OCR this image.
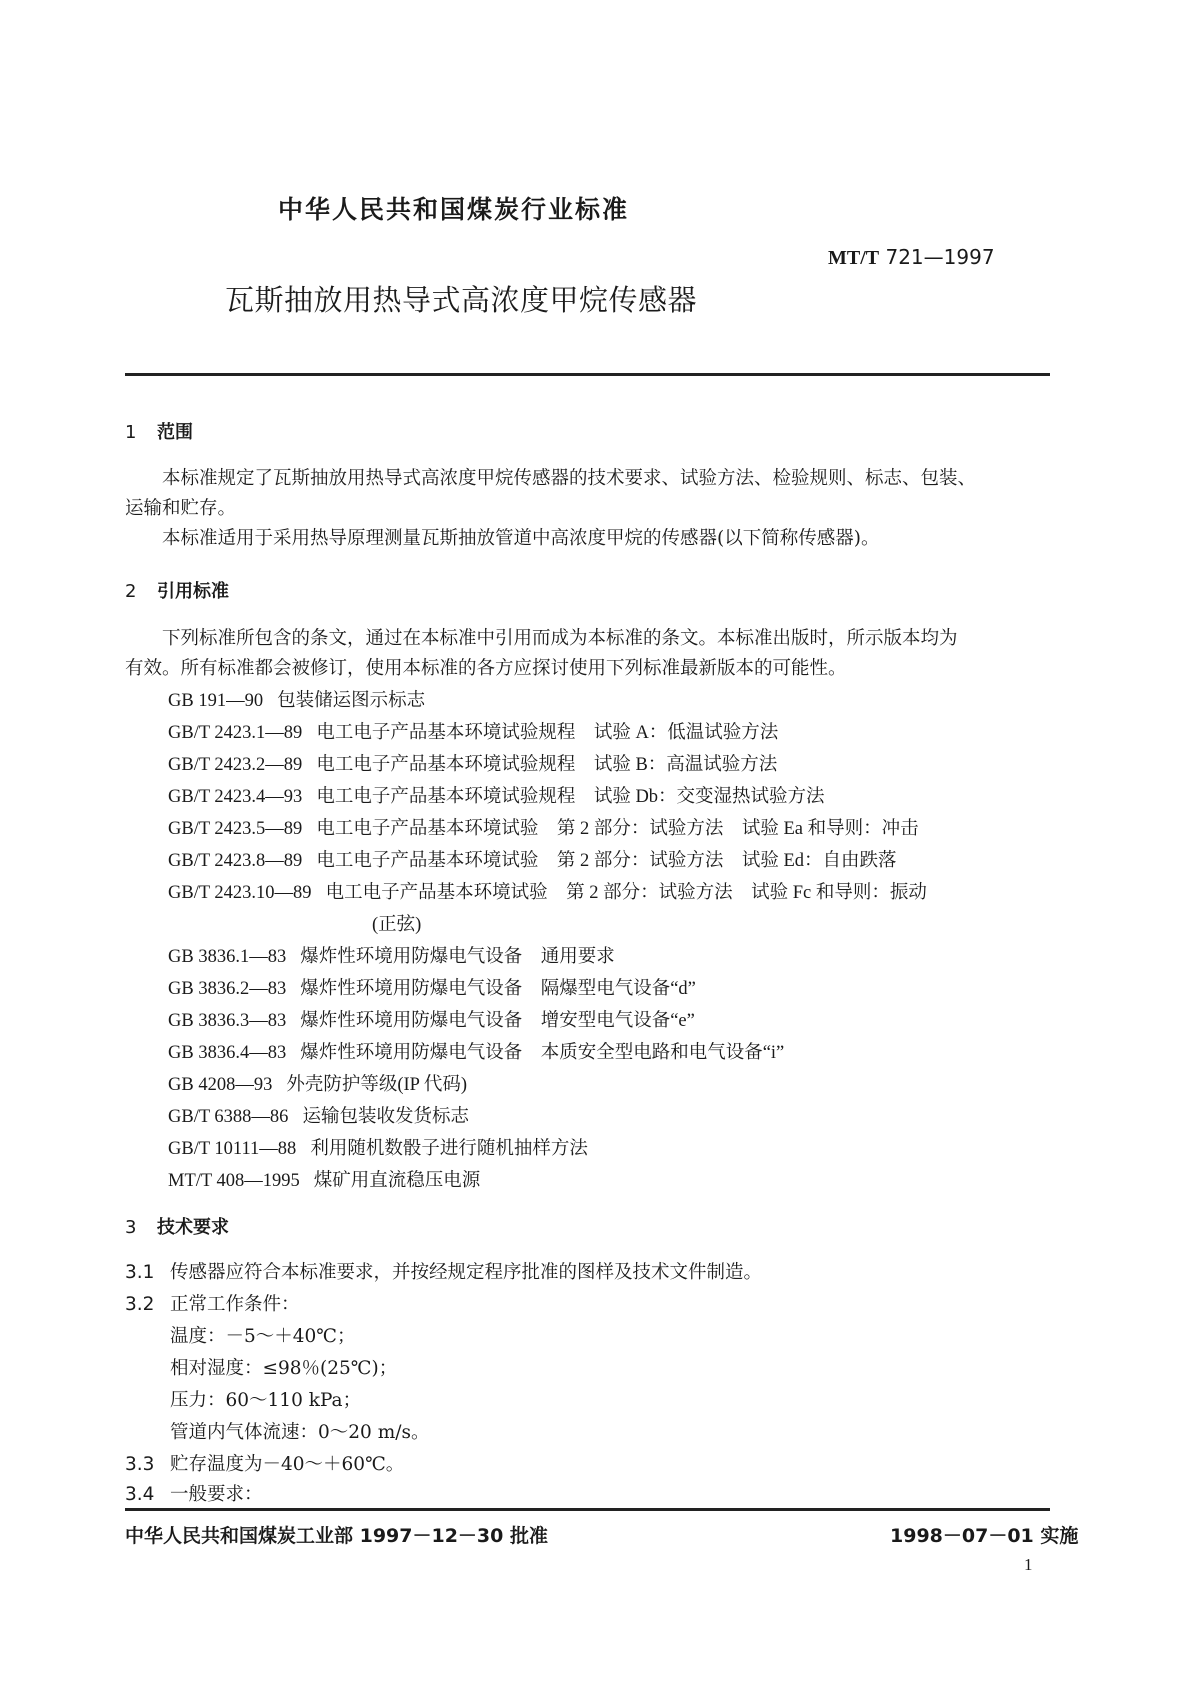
中华人民共和国煤炭行业标准
MT/T 721—1997
瓦斯抽放用热导式高浓度甲烷传感器
1 范围
本标准规定了瓦斯抽放用热导式高浓度甲烷传感器的技术要求、试验方法、检验规则、标志、包装、
运输和贮存。
本标准适用于采用热导原理测量瓦斯抽放管道中高浓度甲烷的传感器(以下简称传感器)。
2 引用标准
下列标准所包含的条文，通过在本标准中引用而成为本标准的条文。本标准出版时，所示版本均为
有效。所有标准都会被修订，使用本标准的各方应探讨使用下列标准最新版本的可能性。
GB 191—90 包装储运图示标志
GB/T 2423.1—89 电工电子产品基本环境试验规程　试验 A：低温试验方法
GB/T 2423.2—89 电工电子产品基本环境试验规程　试验 B：高温试验方法
GB/T 2423.4—93 电工电子产品基本环境试验规程　试验 Db：交变湿热试验方法
GB/T 2423.5—89 电工电子产品基本环境试验　第 2 部分：试验方法　试验 Ea 和导则：冲击
GB/T 2423.8—89 电工电子产品基本环境试验　第 2 部分：试验方法　试验 Ed：自由跌落
GB/T 2423.10—89 电工电子产品基本环境试验　第 2 部分：试验方法　试验 Fc 和导则：振动
(正弦)
GB 3836.1—83 爆炸性环境用防爆电气设备　通用要求
GB 3836.2—83 爆炸性环境用防爆电气设备　隔爆型电气设备“d”
GB 3836.3—83 爆炸性环境用防爆电气设备　增安型电气设备“e”
GB 3836.4—83 爆炸性环境用防爆电气设备　本质安全型电路和电气设备“i”
GB 4208—93 外壳防护等级(IP 代码)
GB/T 6388—86 运输包装收发货标志
GB/T 10111—88 利用随机数骰子进行随机抽样方法
MT/T 408—1995 煤矿用直流稳压电源
3 技术要求
3.1 传感器应符合本标准要求，并按经规定程序批准的图样及技术文件制造。
3.2 正常工作条件：
温度：－5～＋40℃；
相对湿度：≤98％(25℃)；
压力：60～110 kPa；
管道内气体流速：0～20 m/s。
3.3 贮存温度为－40～＋60℃。
3.4 一般要求：
中华人民共和国煤炭工业部 1997－12－30 批准	1998－07－01 实施
1
